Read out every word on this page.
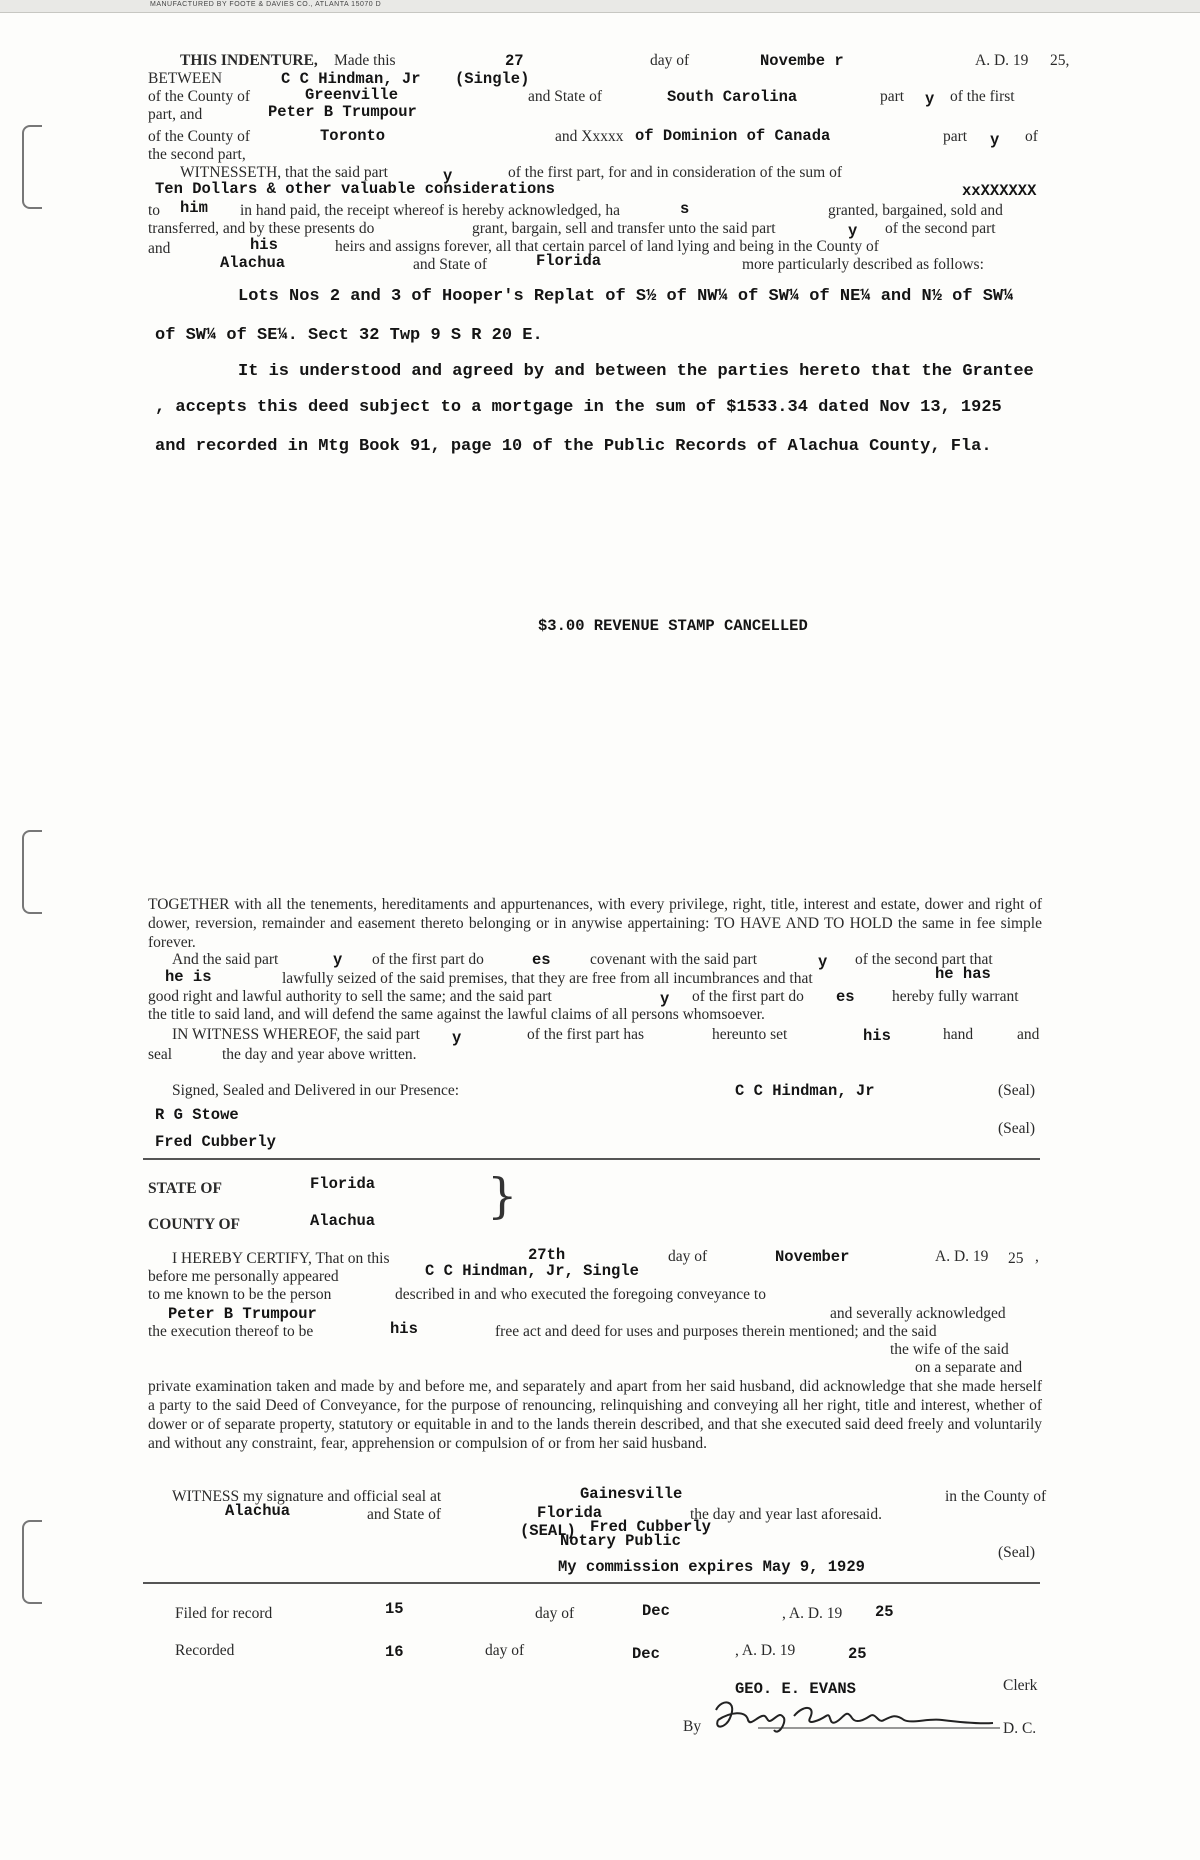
MANUFACTURED BY FOOTE & DAVIES CO., ATLANTA 15070 D
THIS INDENTURE, Made this	27	day of	Novembe r	A. D. 19 25,
BETWEEN	C C Hindman, Jr (Single)
of the County of	Greenville	and State of	South Carolina	part y of the first
part, and	Peter B Trumpour
of the County of	Toronto	and Xxxxx of Dominion of Canada	part y of
the second part,
WITNESSETH, that the said part	y	of the first part, for and in consideration of the sum of
Ten Dollars & other valuable considerations	xxXXXXXX
to him in hand paid, the receipt whereof is hereby acknowledged, ha	s	granted, bargained, sold and
transferred, and by these presents do	grant, bargain, sell and transfer unto the said part	y of the second part
and	his	heirs and assigns forever, all that certain parcel of land lying and being in the County of
Alachua	and State of	Florida	more particularly described as follows:
Lots Nos 2 and 3 of Hooper's Replat of S½ of NW¼ of SW¼ of NE¼ and N½ of SW¼
of SW¼ of SE¼. Sect 32 Twp 9 S R 20 E.
It is understood and agreed by and between the parties hereto that the Grantee
, accepts this deed subject to a mortgage in the sum of $1533.34 dated Nov 13, 1925
and recorded in Mtg Book 91, page 10 of the Public Records of Alachua County, Fla.
$3.00 REVENUE STAMP CANCELLED
TOGETHER with all the tenements, hereditaments and appurtenances, with every privilege, right, title, interest and estate, dower and right of dower, reversion, remainder and easement thereto belonging or in anywise appertaining: TO HAVE AND TO HOLD the same in fee simple forever.
And the said part	y of the first part do	es	covenant with the said part	y of the second part that
he is	lawfully seized of the said premises, that they are free from all incumbrances and that	he has
good right and lawful authority to sell the same; and the said part	y of the first part do es hereby fully warrant
the title to said land, and will defend the same against the lawful claims of all persons whomsoever.
IN WITNESS WHEREOF, the said part y	of the first part has	hereunto set	his	hand	and
seal	the day and year above written.
Signed, Sealed and Delivered in our Presence:	C C Hindman, Jr	(Seal)
R G Stowe
(Seal)
Fred Cubberly
STATE OF	Florida
COUNTY OF	Alachua }
I HEREBY CERTIFY, That on this	27th	day of	November	A. D. 19 25 ,
before me personally appeared	C C Hindman, Jr, Single
to me known to be the person	described in and who executed the foregoing conveyance to
Peter B Trumpour	and severally acknowledged
the execution thereof to be	his	free act and deed for uses and purposes therein mentioned; and the said
the wife of the said
on a separate and
private examination taken and made by and before me, and separately and apart from her said husband, did acknowledge that she made herself a party to the said Deed of Conveyance, for the purpose of renouncing, relinquishing and conveying all her right, title and interest, whether of dower or of separate property, statutory or equitable in and to the lands therein described, and that she executed said deed freely and voluntarily and without any constraint, fear, apprehension or compulsion of or from her said husband.
WITNESS my signature and official seal at	Gainesville	in the County of
Alachua	and State of	Florida	the day and year last aforesaid.
(SEAL) Fred Cubberly
Notary Public
(Seal)
My commission expires May 9, 1929
Filed for record	15	day of	Dec	, A. D. 19 25
Recorded	16	day of	Dec	, A. D. 19	25
GEO. E. EVANS	Clerk
By	D. C.
